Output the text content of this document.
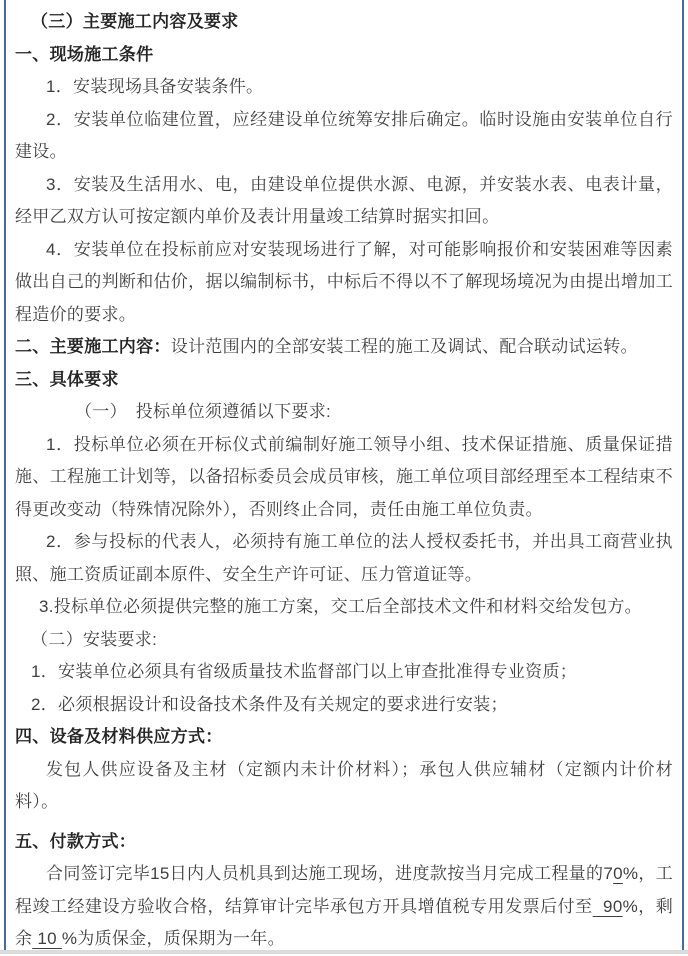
（三）主要施工内容及要求
一、现场施工条件
1．安装现场具备安装条件。
2．安装单位临建位置，应经建设单位统筹安排后确定。临时设施由安装单位自行建设。
3．安装及生活用水、电，由建设单位提供水源、电源，并安装水表、电表计量，经甲乙双方认可按定额内单价及表计用量竣工结算时据实扣回。
4．安装单位在投标前应对安装现场进行了解，对可能影响报价和安装困难等因素做出自己的判断和估价，据以编制标书，中标后不得以不了解现场境况为由提出增加工程造价的要求。
二、主要施工内容：设计范围内的全部安装工程的施工及调试、配合联动试运转。
三、具体要求
（一）　投标单位须遵循以下要求:
1．投标单位必须在开标仪式前编制好施工领导小组、技术保证措施、质量保证措施、工程施工计划等，以备招标委员会成员审核，施工单位项目部经理至本工程结束不得更改变动（特殊情况除外），否则终止合同，责任由施工单位负责。
2．参与投标的代表人，必须持有施工单位的法人授权委托书，并出具工商营业执照、施工资质证副本原件、安全生产许可证、压力管道证等。
3.投标单位必须提供完整的施工方案，交工后全部技术文件和材料交给发包方。
（二）安装要求:
1．安装单位必须具有省级质量技术监督部门以上审查批准得专业资质；
2．必须根据设计和设备技术条件及有关规定的要求进行安装；
四、设备及材料供应方式：
发包人供应设备及主材（定额内未计价材料）；承包人供应辅材（定额内计价材料）。
五、付款方式：
合同签订完毕15日内人员机具到达施工现场，进度款按当月完成工程量的70%，工程竣工经建设方验收合格，结算审计完毕承包方开具增值税专用发票后付至  90%，剩余 10 %为质保金，质保期为一年。
